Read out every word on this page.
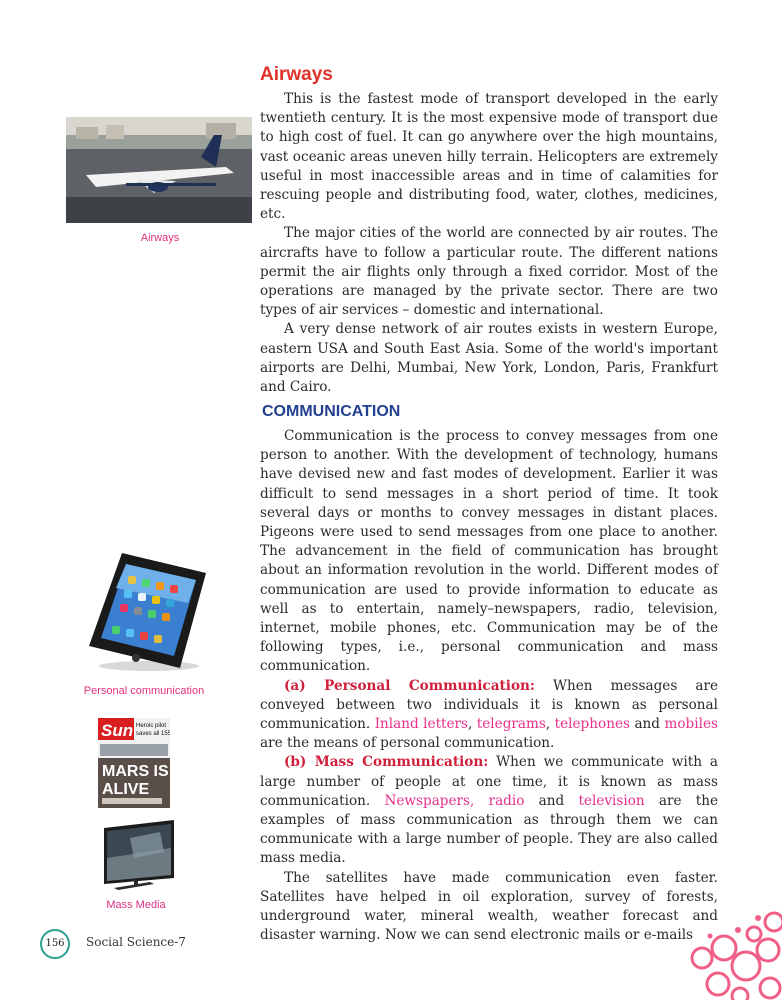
Airways
Airways

This is the fastest mode of transport developed in the early twentieth century. It is the most expensive mode of transport due to high cost of fuel. It can go anywhere over the high mountains, vast oceanic areas uneven hilly terrain. Helicopters are extremely useful in most inaccessible areas and in time of calamities for rescuing people and distributing food, water, clothes, medicines, etc.

The major cities of the world are connected by air routes. The aircrafts have to follow a particular route. The different nations permit the air flights only through a fixed corridor. Most of the operations are managed by the private sector. There are two types of air services – domestic and international.

A very dense network of air routes exists in western Europe, eastern USA and South East Asia. Some of the world's important airports are Delhi, Mumbai, New York, London, Paris, Frankfurt and Cairo.

COMMUNICATION

Communication is the process to convey messages from one person to another. With the development of technology, humans have devised new and fast modes of development. Earlier it was difficult to send messages in a short period of time. It took several days or months to convey messages in distant places. Pigeons were used to send messages from one place to another. The advancement in the field of communication has brought about an information revolution in the world. Different modes of communication are used to provide information to educate as well as to entertain, namely–newspapers, radio, television, internet, mobile phones, etc. Communication may be of the following types, i.e., personal communication and mass communication.

(a) Personal Communication: When messages are conveyed between two individuals it is known as personal communication. Inland letters, telegrams, telephones and mobiles are the means of personal communication.

(b) Mass Communication: When we communicate with a large number of people at one time, it is known as mass communication. Newspapers, radio and television are the examples of mass communication as through them we can communicate with a large number of people. They are also called mass media.

The satellites have made communication even faster. Satellites have helped in oil exploration, survey of forests, underground water, mineral wealth, weather forecast and disaster warning. Now we can send electronic mails or e-mails

Personal communication
Sun Heroic pilot
saves all 155
MARS IS
ALIVE
Mass Media
156	Social Science-7
